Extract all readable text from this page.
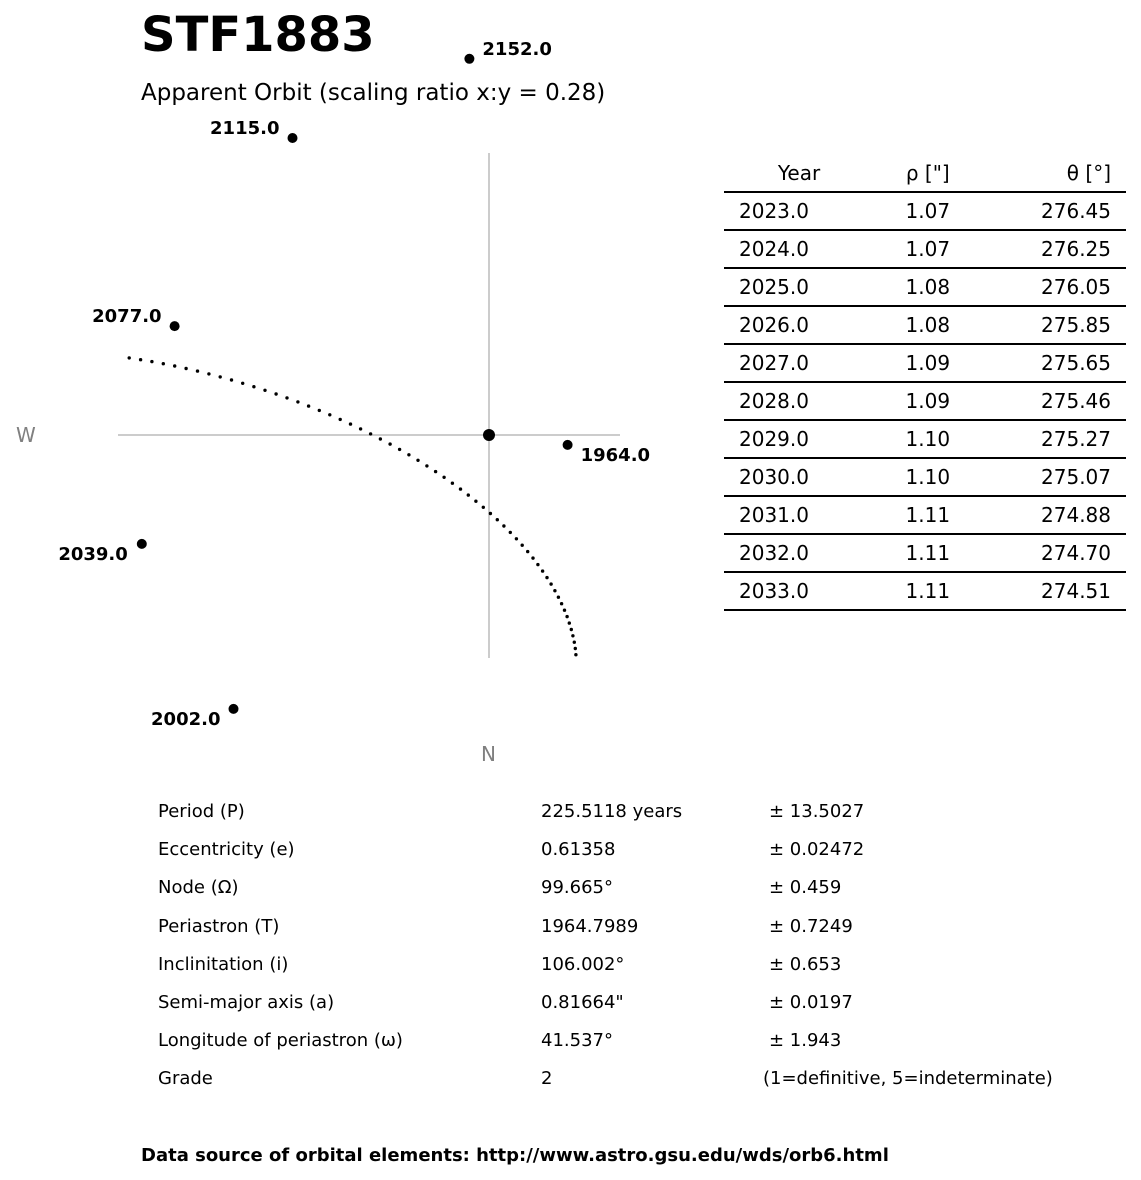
STF1883
Apparent Orbit (scaling ratio x:y = 0.28)
1964.0
2002.0
2039.0
2077.0
2115.0
2152.0
W
N
Year	ρ ["]	θ [°]
2023.0	1.07	276.45
2024.0	1.07	276.25
2025.0	1.08	276.05
2026.0	1.08	275.85
2027.0	1.09	275.65
2028.0	1.09	275.46
2029.0	1.10	275.27
2030.0	1.10	275.07
2031.0	1.11	274.88
2032.0	1.11	274.70
2033.0	1.11	274.51
Period (P)	225.5118 years	± 13.5027
Eccentricity (e)	0.61358	± 0.02472
Node (Ω)	99.665°	± 0.459
Periastron (T)	1964.7989	± 0.7249
Inclinitation (i)	106.002°	± 0.653
Semi-major axis (a)	0.81664"	± 0.0197
Longitude of periastron (ω)	41.537°	± 1.943
Grade	2	(1=definitive, 5=indeterminate)
Data source of orbital elements: http://www.astro.gsu.edu/wds/orb6.html
